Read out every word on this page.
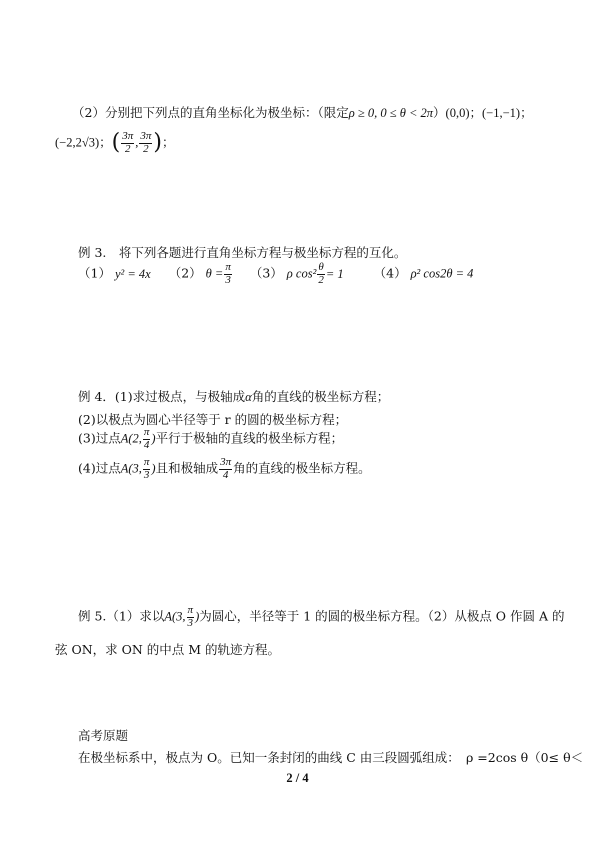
（2）分别把下列点的直角坐标化为极坐标：（限定ρ ≥ 0, 0 ≤ θ < 2π）(0,0)；(−1,−1)；
(−2,2√3)；( $\frac{3\pi}{2}$ , $\frac{3\pi}{2}$ )；
例 3.　将下列各题进行直角坐标方程与极坐标方程的互化。
（1） y² = 4x （2） $\theta = \frac{\pi}{3} (3)$ ρ $\cos^2 \frac{\theta}{2} = 1$ （4） ρ² cos2θ = 4
例 4．(1)求过极点，与极轴成α角的直线的极坐标方程；
(2)以极点为圆心半径等于 r 的圆的极坐标方程；
(3)过点A(2, $\frac{\pi}{4}$ )平行于极轴的直线的极坐标方程；
(4)过点A(3, $\frac{\pi}{3}$ )且和极轴成 $\frac{3\pi}{4}$ 角的直线的极坐标方程。
例 5.（1）求以A(3, $\frac{\pi}{3}$ )为圆心，半径等于 1 的圆的极坐标方程。（2）从极点 O 作圆 A 的
弦 ON，求 ON 的中点 M 的轨迹方程。
高考原题
在极坐标系中，极点为 O。已知一条封闭的曲线 C 由三段圆弧组成：　ρ =2cos θ（0≤ θ＜
2 / 4
